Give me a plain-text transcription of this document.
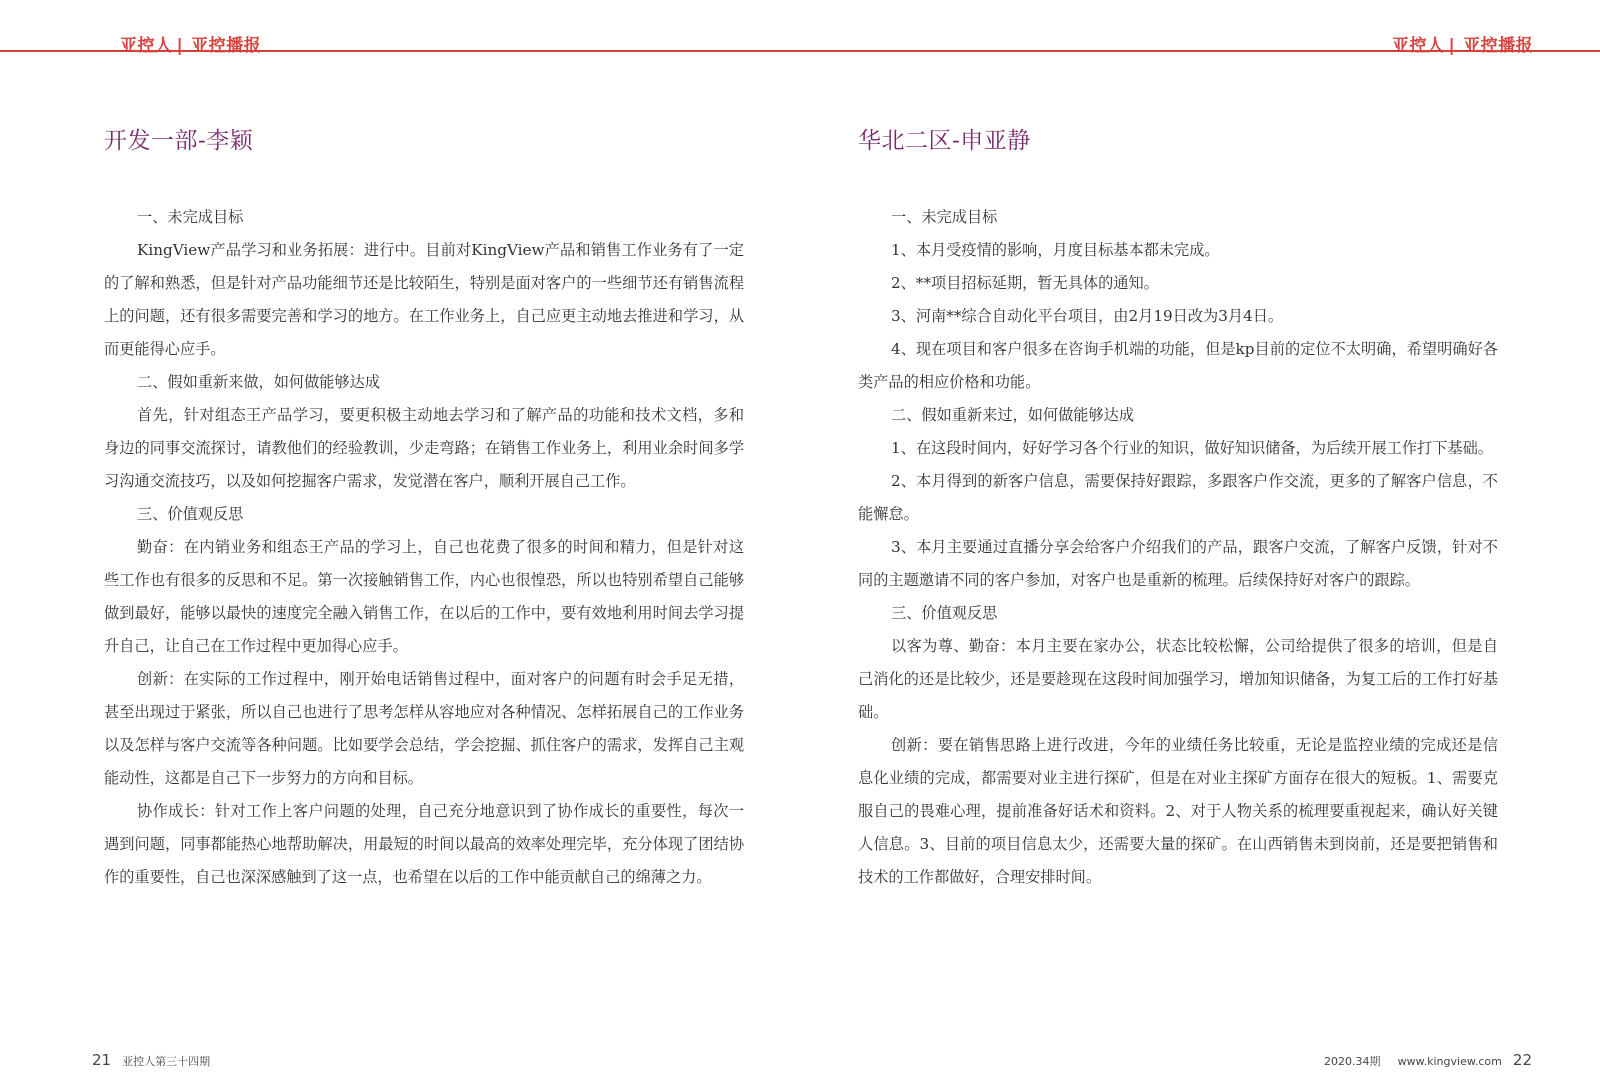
亚控人 | 亚控播报	亚控人 | 亚控播报
开发一部-李颖

一、未完成目标

KingView产品学习和业务拓展：进行中。目前对KingView产品和销售工作业务有了一定的了解和熟悉，但是针对产品功能细节还是比较陌生，特别是面对客户的一些细节还有销售流程上的问题，还有很多需要完善和学习的地方。在工作业务上，自己应更主动地去推进和学习，从而更能得心应手。

二、假如重新来做，如何做能够达成

首先，针对组态王产品学习，要更积极主动地去学习和了解产品的功能和技术文档，多和身边的同事交流探讨，请教他们的经验教训，少走弯路；在销售工作业务上，利用业余时间多学习沟通交流技巧，以及如何挖掘客户需求，发觉潜在客户，顺利开展自己工作。

三、价值观反思

勤奋：在内销业务和组态王产品的学习上，自己也花费了很多的时间和精力，但是针对这些工作也有很多的反思和不足。第一次接触销售工作，内心也很惶恐，所以也特别希望自己能够做到最好，能够以最快的速度完全融入销售工作，在以后的工作中，要有效地利用时间去学习提升自己，让自己在工作过程中更加得心应手。

创新：在实际的工作过程中，刚开始电话销售过程中，面对客户的问题有时会手足无措，甚至出现过于紧张，所以自己也进行了思考怎样从容地应对各种情况、怎样拓展自己的工作业务以及怎样与客户交流等各种问题。比如要学会总结，学会挖掘、抓住客户的需求，发挥自己主观能动性，这都是自己下一步努力的方向和目标。

协作成长：针对工作上客户问题的处理，自己充分地意识到了协作成长的重要性，每次一遇到问题，同事都能热心地帮助解决，用最短的时间以最高的效率处理完毕，充分体现了团结协作的重要性，自己也深深感触到了这一点，也希望在以后的工作中能贡献自己的绵薄之力。

华北二区-申亚静

一、未完成目标

1、本月受疫情的影响，月度目标基本都未完成。

2、**项目招标延期，暂无具体的通知。

3、河南**综合自动化平台项目，由2月19日改为3月4日。

4、现在项目和客户很多在咨询手机端的功能，但是kp目前的定位不太明确，希望明确好各类产品的相应价格和功能。

二、假如重新来过，如何做能够达成

1、在这段时间内，好好学习各个行业的知识，做好知识储备，为后续开展工作打下基础。

2、本月得到的新客户信息，需要保持好跟踪，多跟客户作交流，更多的了解客户信息，不能懈怠。

3、本月主要通过直播分享会给客户介绍我们的产品，跟客户交流，了解客户反馈，针对不同的主题邀请不同的客户参加，对客户也是重新的梳理。后续保持好对客户的跟踪。

三、价值观反思

以客为尊、勤奋：本月主要在家办公，状态比较松懈，公司给提供了很多的培训，但是自己消化的还是比较少，还是要趁现在这段时间加强学习，增加知识储备，为复工后的工作打好基础。

创新：要在销售思路上进行改进，今年的业绩任务比较重，无论是监控业绩的完成还是信息化业绩的完成，都需要对业主进行探矿，但是在对业主探矿方面存在很大的短板。1、需要克服自己的畏难心理，提前准备好话术和资料。2、对于人物关系的梳理要重视起来，确认好关键人信息。3、目前的项目信息太少，还需要大量的探矿。在山西销售未到岗前，还是要把销售和技术的工作都做好，合理安排时间。

21 亚控人第三十四期	2020.34期 www.kingview.com 22
